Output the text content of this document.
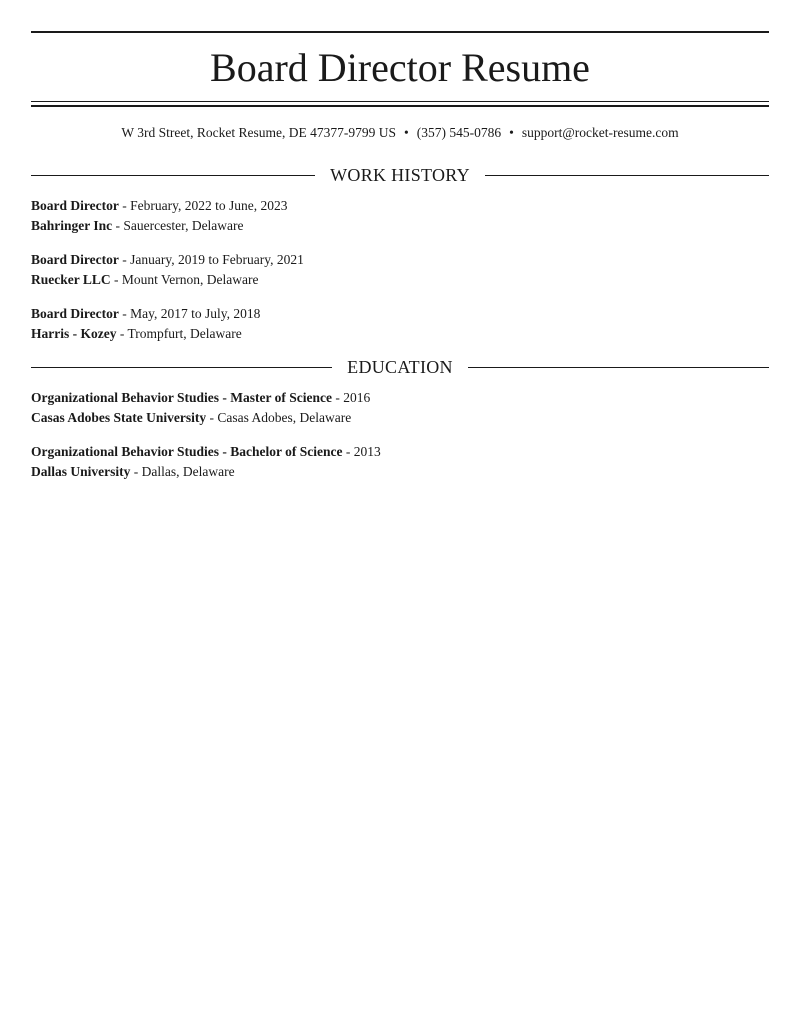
Board Director Resume
W 3rd Street, Rocket Resume, DE 47377-9799 US • (357) 545-0786 • support@rocket-resume.com
WORK HISTORY
Board Director - February, 2022 to June, 2023
Bahringer Inc - Sauercester, Delaware
Board Director - January, 2019 to February, 2021
Ruecker LLC - Mount Vernon, Delaware
Board Director - May, 2017 to July, 2018
Harris - Kozey - Trompfurt, Delaware
EDUCATION
Organizational Behavior Studies - Master of Science - 2016
Casas Adobes State University - Casas Adobes, Delaware
Organizational Behavior Studies - Bachelor of Science - 2013
Dallas University - Dallas, Delaware
